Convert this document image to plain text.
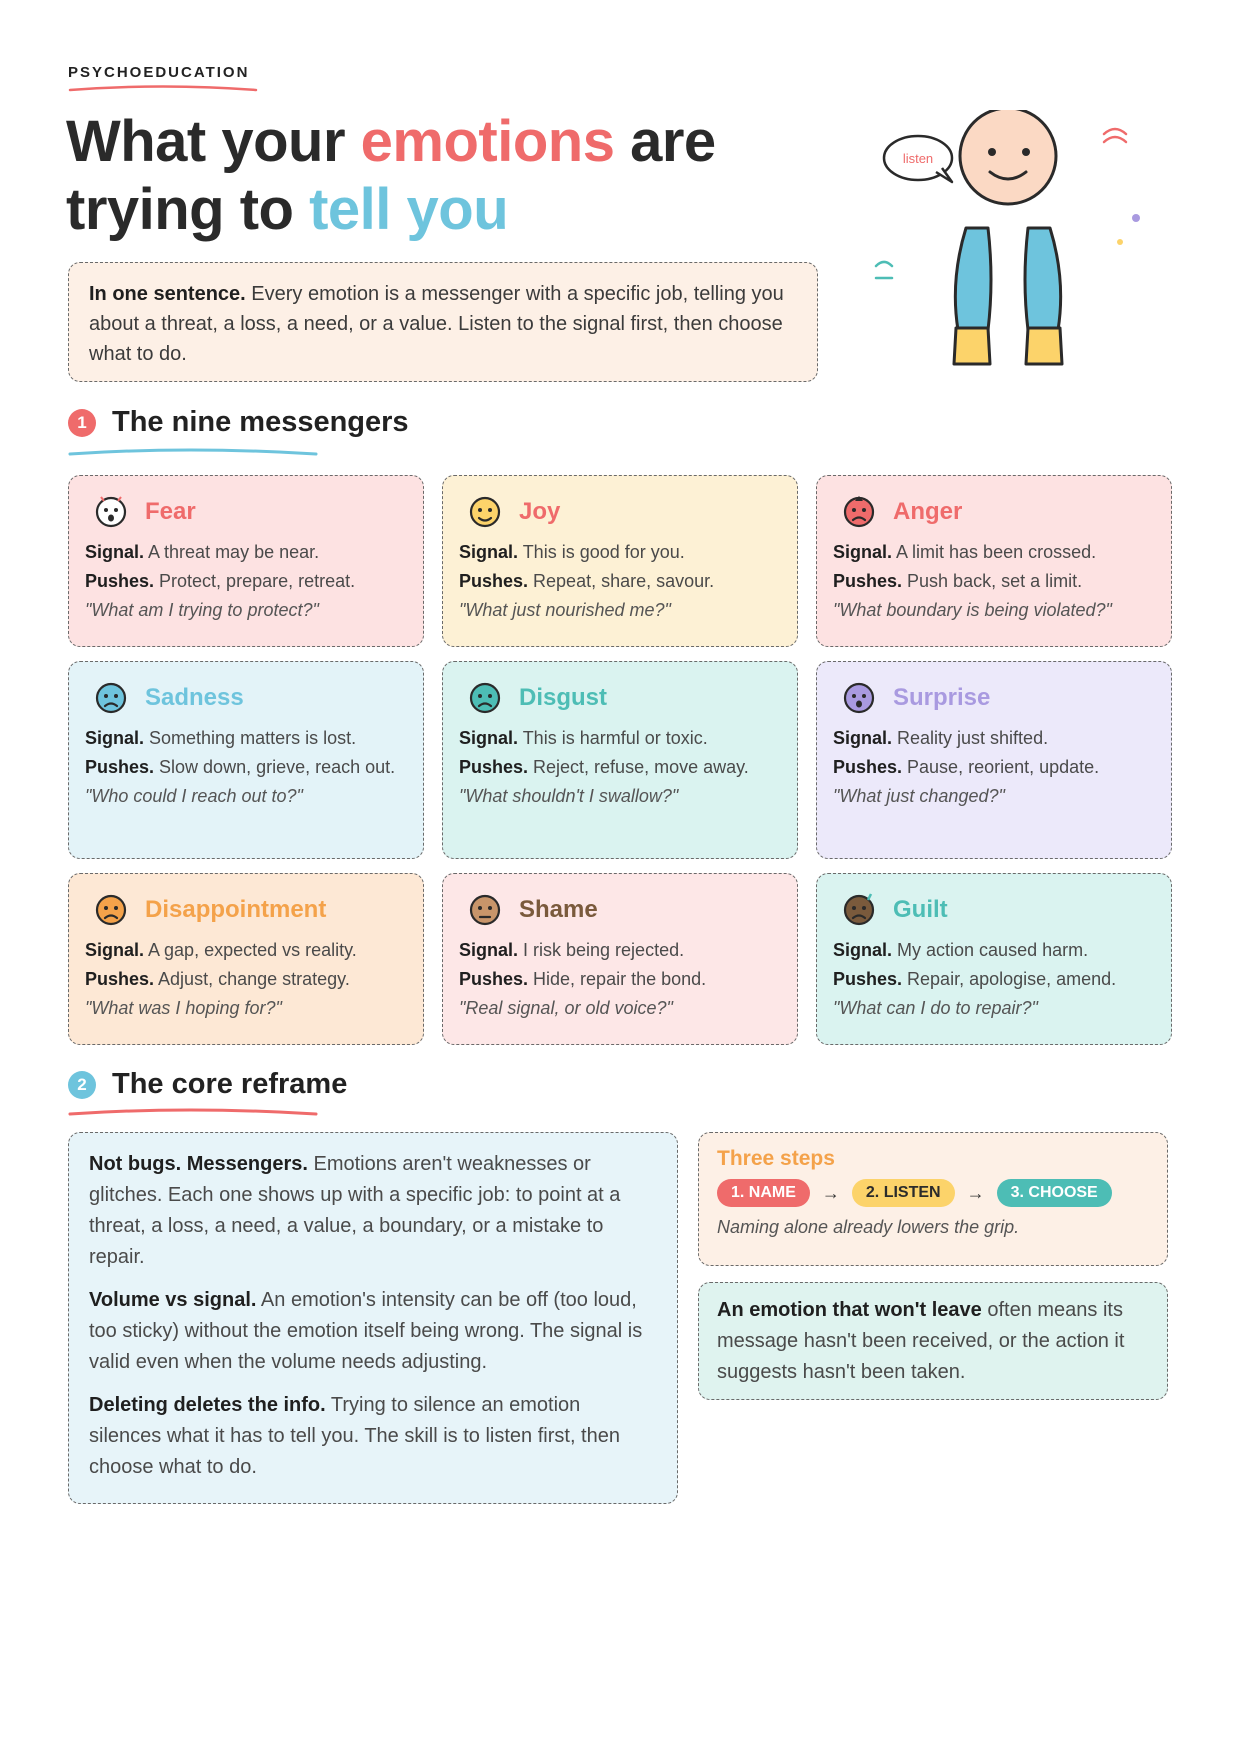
PSYCHOEDUCATION
What your emotions are
trying to tell you
In one sentence. Every emotion is a messenger with a specific job, telling you about a threat, a loss, a need, or a value. Listen to the signal first, then choose what to do.
listen
1 The nine messengers
Fear
Signal. A threat may be near.
Pushes. Protect, prepare, retreat.
"What am I trying to protect?"
Joy
Signal. This is good for you.
Pushes. Repeat, share, savour.
"What just nourished me?"
Anger
Signal. A limit has been crossed.
Pushes. Push back, set a limit.
"What boundary is being violated?"
Sadness
Signal. Something matters is lost.
Pushes. Slow down, grieve, reach out.
"Who could I reach out to?"
Disgust
Signal. This is harmful or toxic.
Pushes. Reject, refuse, move away.
"What shouldn't I swallow?"
Surprise
Signal. Reality just shifted.
Pushes. Pause, reorient, update.
"What just changed?"
Disappointment
Signal. A gap, expected vs reality.
Pushes. Adjust, change strategy.
"What was I hoping for?"
Shame
Signal. I risk being rejected.
Pushes. Hide, repair the bond.
"Real signal, or old voice?"
Guilt
Signal. My action caused harm.
Pushes. Repair, apologise, amend.
"What can I do to repair?"
2 The core reframe

Not bugs. Messengers. Emotions aren't weaknesses or glitches. Each one shows up with a specific job: to point at a threat, a loss, a need, a value, a boundary, or a mistake to repair.

Volume vs signal. An emotion's intensity can be off (too loud, too sticky) without the emotion itself being wrong. The signal is valid even when the volume needs adjusting.

Deleting deletes the info. Trying to silence an emotion silences what it has to tell you. The skill is to listen first, then choose what to do.

Three steps
1. NAME	→	2. LISTEN	→	3. CHOOSE
Naming alone already lowers the grip.
An emotion that won't leave often means its message hasn't been received, or the action it suggests hasn't been taken.
